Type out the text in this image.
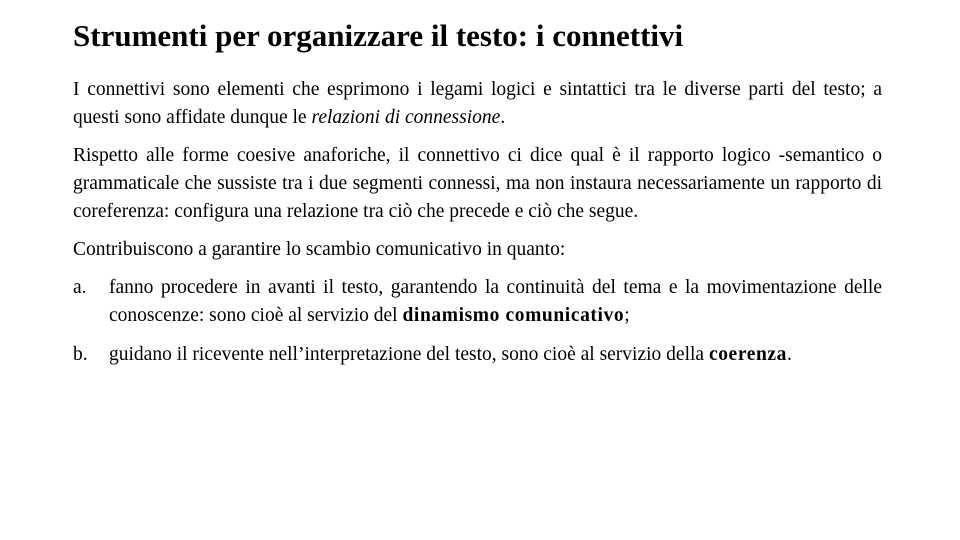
Strumenti per organizzare il testo: i connettivi

I connettivi sono elementi che esprimono i legami logici e sintattici tra le diverse parti del testo; a questi sono affidate dunque le relazioni di connessione.

Rispetto alle forme coesive anaforiche, il connettivo ci dice qual è il rapporto logico -semantico o grammaticale che sussiste tra i due segmenti connessi, ma non instaura necessariamente un rapporto di coreferenza: configura una relazione tra ciò che precede e ciò che segue.

Contribuiscono a garantire lo scambio comunicativo in quanto:

a. fanno procedere in avanti il testo, garantendo la continuità del tema e la movimentazione delle conoscenze: sono cioè al servizio del dinamismo comunicativo;
b. guidano il ricevente nell’interpretazione del testo, sono cioè al servizio della coerenza.
